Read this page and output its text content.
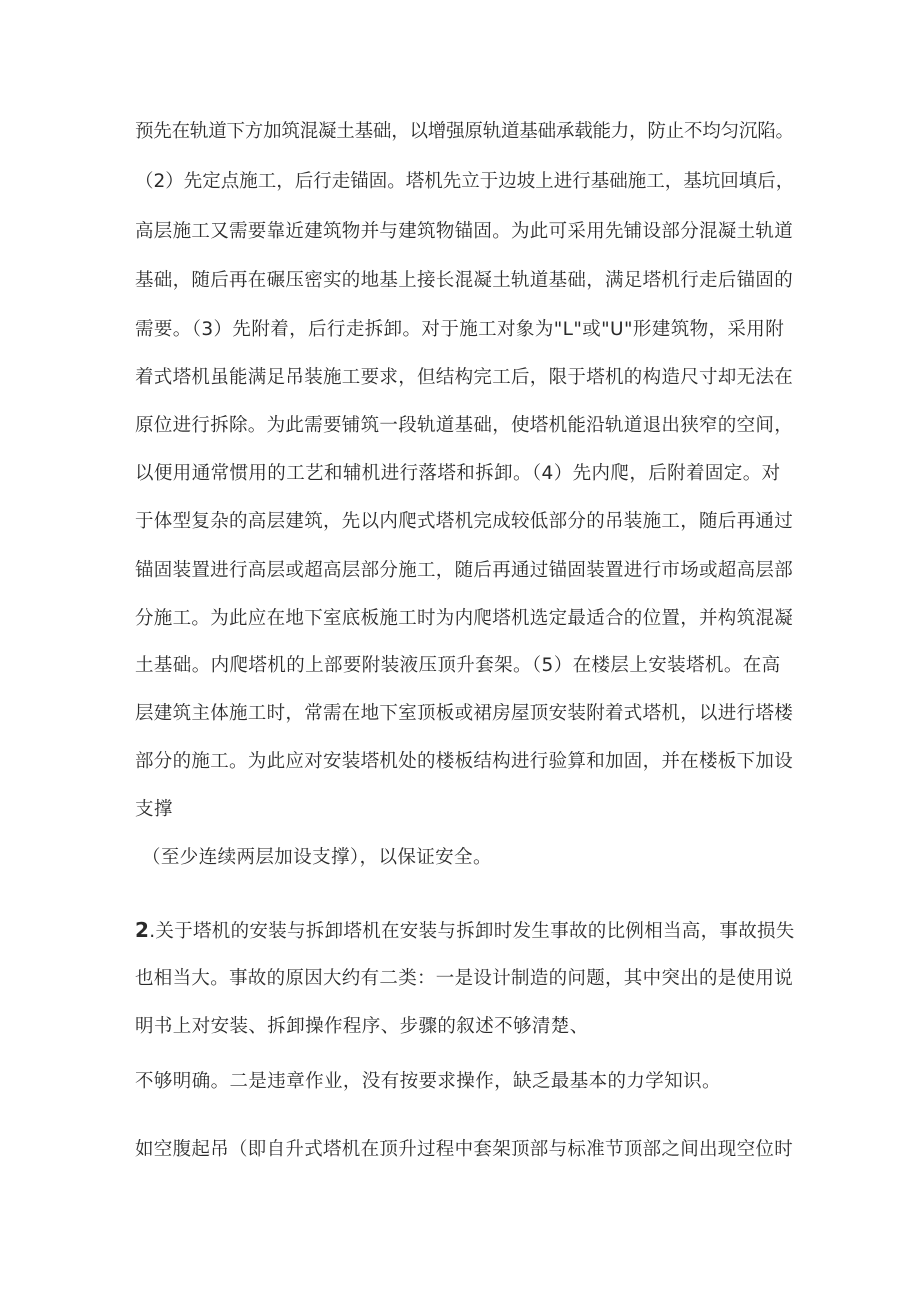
预先在轨道下方加筑混凝土基础，以增强原轨道基础承载能力，防止不均匀沉陷。
（2）先定点施工，后行走锚固。塔机先立于边坡上进行基础施工，基坑回填后，
高层施工又需要靠近建筑物并与建筑物锚固。为此可采用先铺设部分混凝土轨道
基础，随后再在碾压密实的地基上接长混凝土轨道基础，满足塔机行走后锚固的
需要。（3）先附着，后行走拆卸。对于施工对象为"L"或"U"形建筑物，采用附
着式塔机虽能满足吊装施工要求，但结构完工后，限于塔机的构造尺寸却无法在
原位进行拆除。为此需要铺筑一段轨道基础，使塔机能沿轨道退出狭窄的空间，
以便用通常惯用的工艺和辅机进行落塔和拆卸。（4）先内爬，后附着固定。对
于体型复杂的高层建筑，先以内爬式塔机完成较低部分的吊装施工，随后再通过
锚固装置进行高层或超高层部分施工，随后再通过锚固装置进行市场或超高层部
分施工。为此应在地下室底板施工时为内爬塔机选定最适合的位置，并构筑混凝
土基础。内爬塔机的上部要附装液压顶升套架。（5）在楼层上安装塔机。在高
层建筑主体施工时，常需在地下室顶板或裙房屋顶安装附着式塔机，以进行塔楼
部分的施工。为此应对安装塔机处的楼板结构进行验算和加固，并在楼板下加设
支撑
（至少连续两层加设支撑），以保证安全。
2.关于塔机的安装与拆卸塔机在安装与拆卸时发生事故的比例相当高，事故损失
也相当大。事故的原因大约有二类：一是设计制造的问题，其中突出的是使用说
明书上对安装、拆卸操作程序、步骤的叙述不够清楚、
不够明确。二是违章作业，没有按要求操作，缺乏最基本的力学知识。
如空腹起吊（即自升式塔机在顶升过程中套架顶部与标准节顶部之间出现空位时
